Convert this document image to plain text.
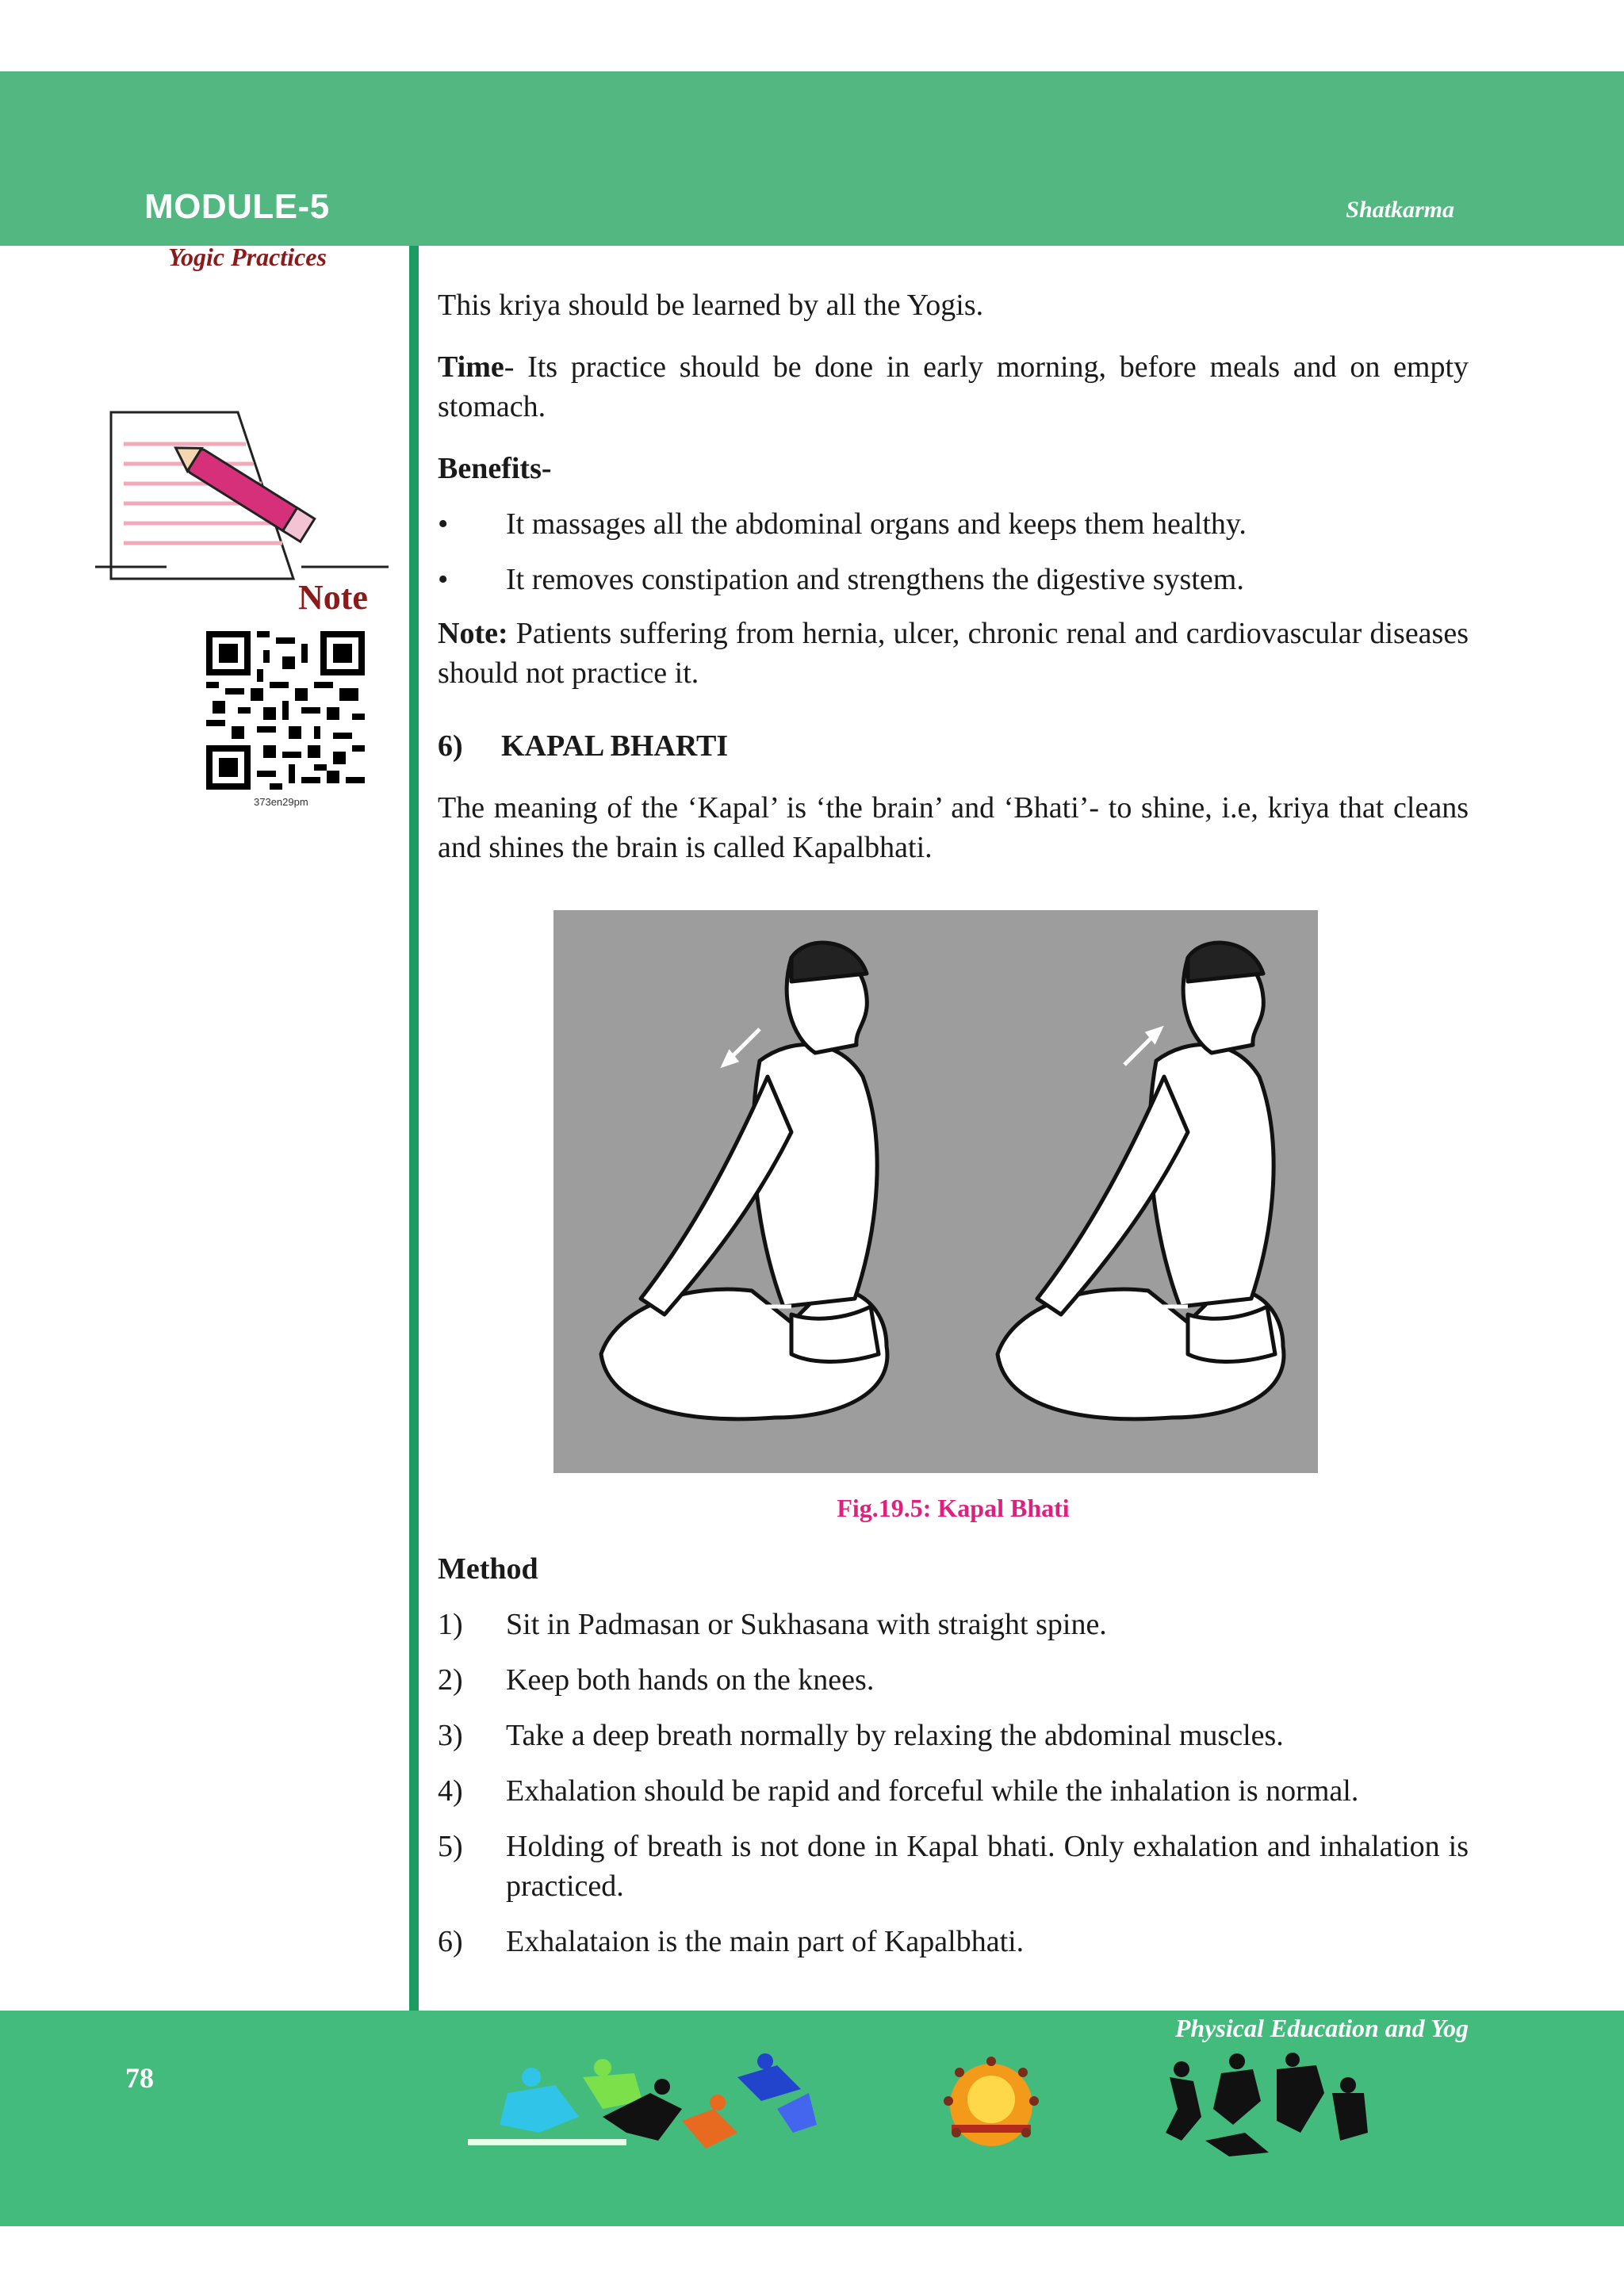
MODULE-5	Shatkarma
Yogic Practices
Note
373en29pm

This kriya should be learned by all the Yogis.

Time- Its practice should be done in early morning, before meals and on empty stomach.

Benefits-

• It massages all the abdominal organs and keeps them healthy.
• It removes constipation and strengthens the digestive system.

Note: Patients suffering from hernia, ulcer, chronic renal and cardiovascular diseases should not practice it.

6) KAPAL BHARTI

The meaning of the ‘Kapal’ is ‘the brain’ and ‘Bhati’- to shine, i.e, kriya that cleans and shines the brain is called Kapalbhati.

Fig.19.5: Kapal Bhati

Method

1) Sit in Padmasan or Sukhasana with straight spine.
2) Keep both hands on the knees.
3) Take a deep breath normally by relaxing the abdominal muscles.
4) Exhalation should be rapid and forceful while the inhalation is normal.
5) Holding of breath is not done in Kapal bhati. Only exhalation and inhalation is practiced.
6) Exhalataion is the main part of Kapalbhati.
Physical Education and Yog
78
